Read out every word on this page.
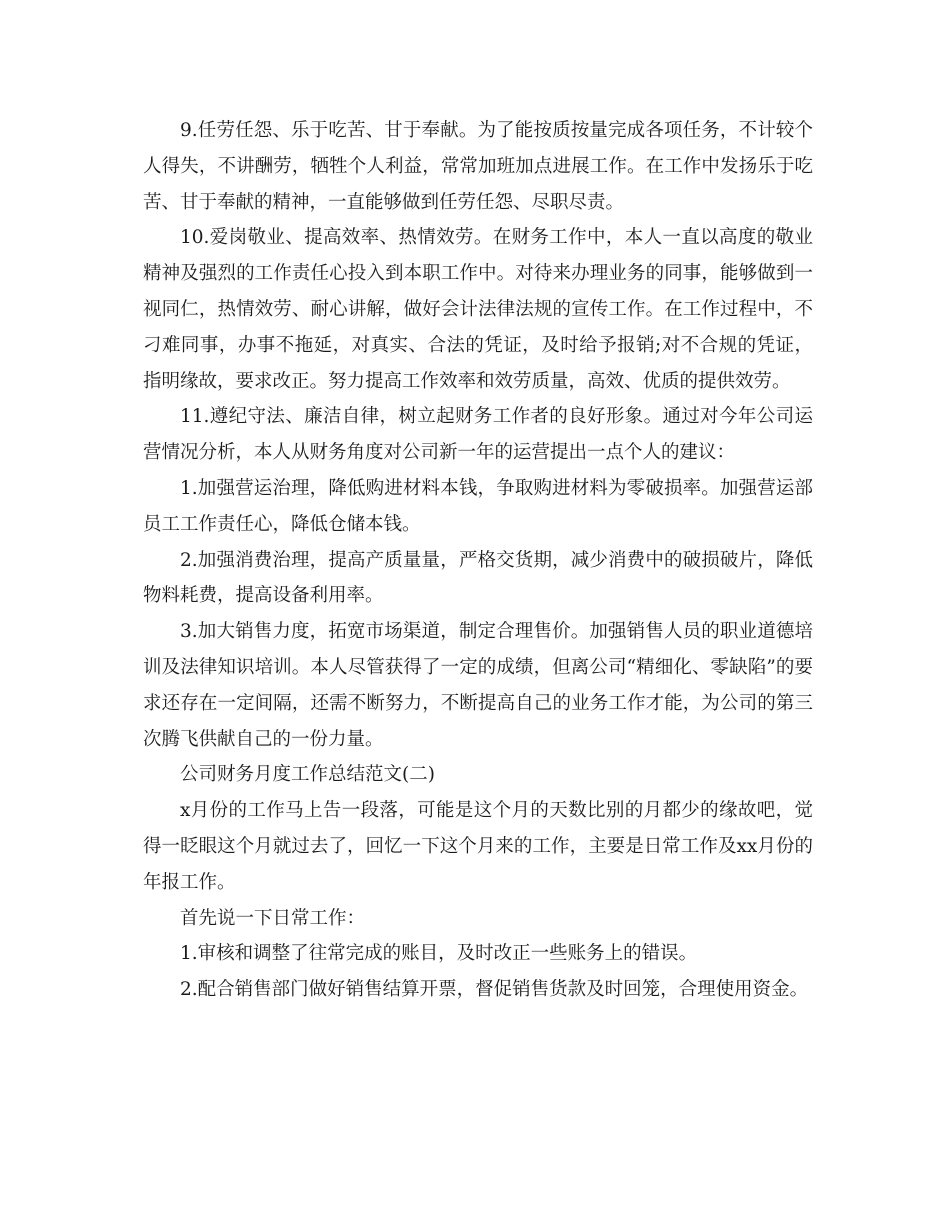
9.任劳任怨、乐于吃苦、甘于奉献。为了能按质按量完成各项任务，不计较个人得失，不讲酬劳，牺牲个人利益，常常加班加点进展工作。在工作中发扬乐于吃苦、甘于奉献的精神，一直能够做到任劳任怨、尽职尽责。

10.爱岗敬业、提高效率、热情效劳。在财务工作中，本人一直以高度的敬业精神及强烈的工作责任心投入到本职工作中。对待来办理业务的同事，能够做到一视同仁，热情效劳、耐心讲解，做好会计法律法规的宣传工作。在工作过程中，不刁难同事，办事不拖延，对真实、合法的凭证，及时给予报销;对不合规的凭证，指明缘故，要求改正。努力提高工作效率和效劳质量，高效、优质的提供效劳。

11.遵纪守法、廉洁自律，树立起财务工作者的良好形象。通过对今年公司运营情况分析，本人从财务角度对公司新一年的运营提出一点个人的建议：

1.加强营运治理，降低购进材料本钱，争取购进材料为零破损率。加强营运部员工工作责任心，降低仓储本钱。

2.加强消费治理，提高产质量量，严格交货期，减少消费中的破损破片，降低物料耗费，提高设备利用率。

3.加大销售力度，拓宽市场渠道，制定合理售价。加强销售人员的职业道德培训及法律知识培训。本人尽管获得了一定的成绩，但离公司“精细化、零缺陷”的要求还存在一定间隔，还需不断努力，不断提高自己的业务工作才能，为公司的第三次腾飞供献自己的一份力量。

公司财务月度工作总结范文(二)

x月份的工作马上告一段落，可能是这个月的天数比别的月都少的缘故吧，觉得一眨眼这个月就过去了，回忆一下这个月来的工作，主要是日常工作及xx月份的年报工作。

首先说一下日常工作：

1.审核和调整了往常完成的账目，及时改正一些账务上的错误。

2.配合销售部门做好销售结算开票，督促销售货款及时回笼，合理使用资金。
